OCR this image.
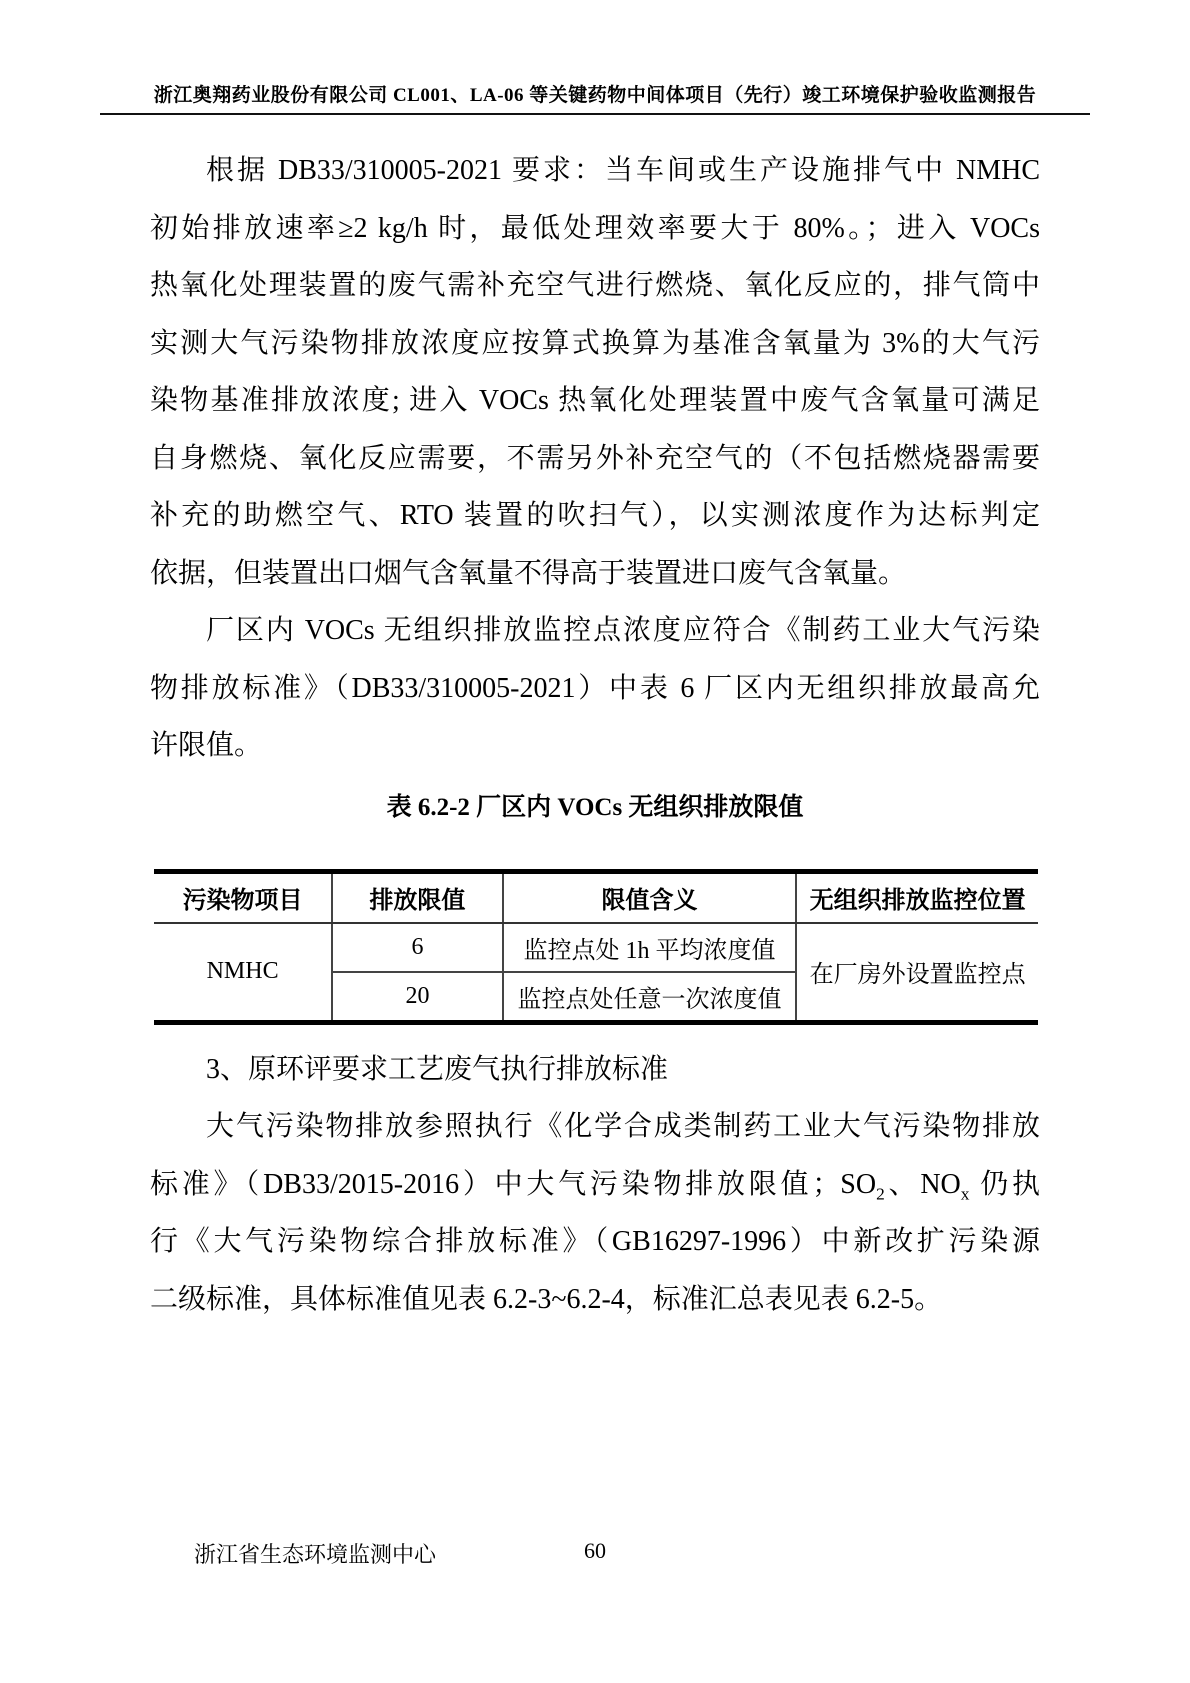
浙江奥翔药业股份有限公司 CL001、LA-06 等关键药物中间体项目（先行）竣工环境保护验收监测报告
根据 DB33/310005-2021 要求：当车间或生产设施排气中 NMHC
初始排放速率≥2 kg/h 时，最低处理效率要大于 80%。；进入 VOCs
热氧化处理装置的废气需补充空气进行燃烧、氧化反应的，排气筒中
实测大气污染物排放浓度应按算式换算为基准含氧量为 3%的大气污
染物基准排放浓度; 进入 VOCs 热氧化处理装置中废气含氧量可满足
自身燃烧、氧化反应需要，不需另外补充空气的（不包括燃烧器需要
补充的助燃空气、RTO 装置的吹扫气），以实测浓度作为达标判定
依据，但装置出口烟气含氧量不得高于装置进口废气含氧量。
厂区内 VOCs 无组织排放监控点浓度应符合《制药工业大气污染
物排放标准》（DB33/310005-2021）中表 6 厂区内无组织排放最高允
许限值。
表 6.2-2 厂区内 VOCs 无组织排放限值
污染物项目	排放限值	限值含义	无组织排放监控位置
NMHC	6	监控点处 1h 平均浓度值	在厂房外设置监控点
	20	监控点处任意一次浓度值	
3、原环评要求工艺废气执行排放标准
大气污染物排放参照执行《化学合成类制药工业大气污染物排放
标准》（DB33/2015-2016）中大气污染物排放限值；$SO_2$、$NO_x$ 仍执
行《大气污染物综合排放标准》（GB16297-1996）中新改扩污染源
二级标准，具体标准值见表 6.2-3~6.2-4，标准汇总表见表 6.2-5。
浙江省生态环境监测中心	60
